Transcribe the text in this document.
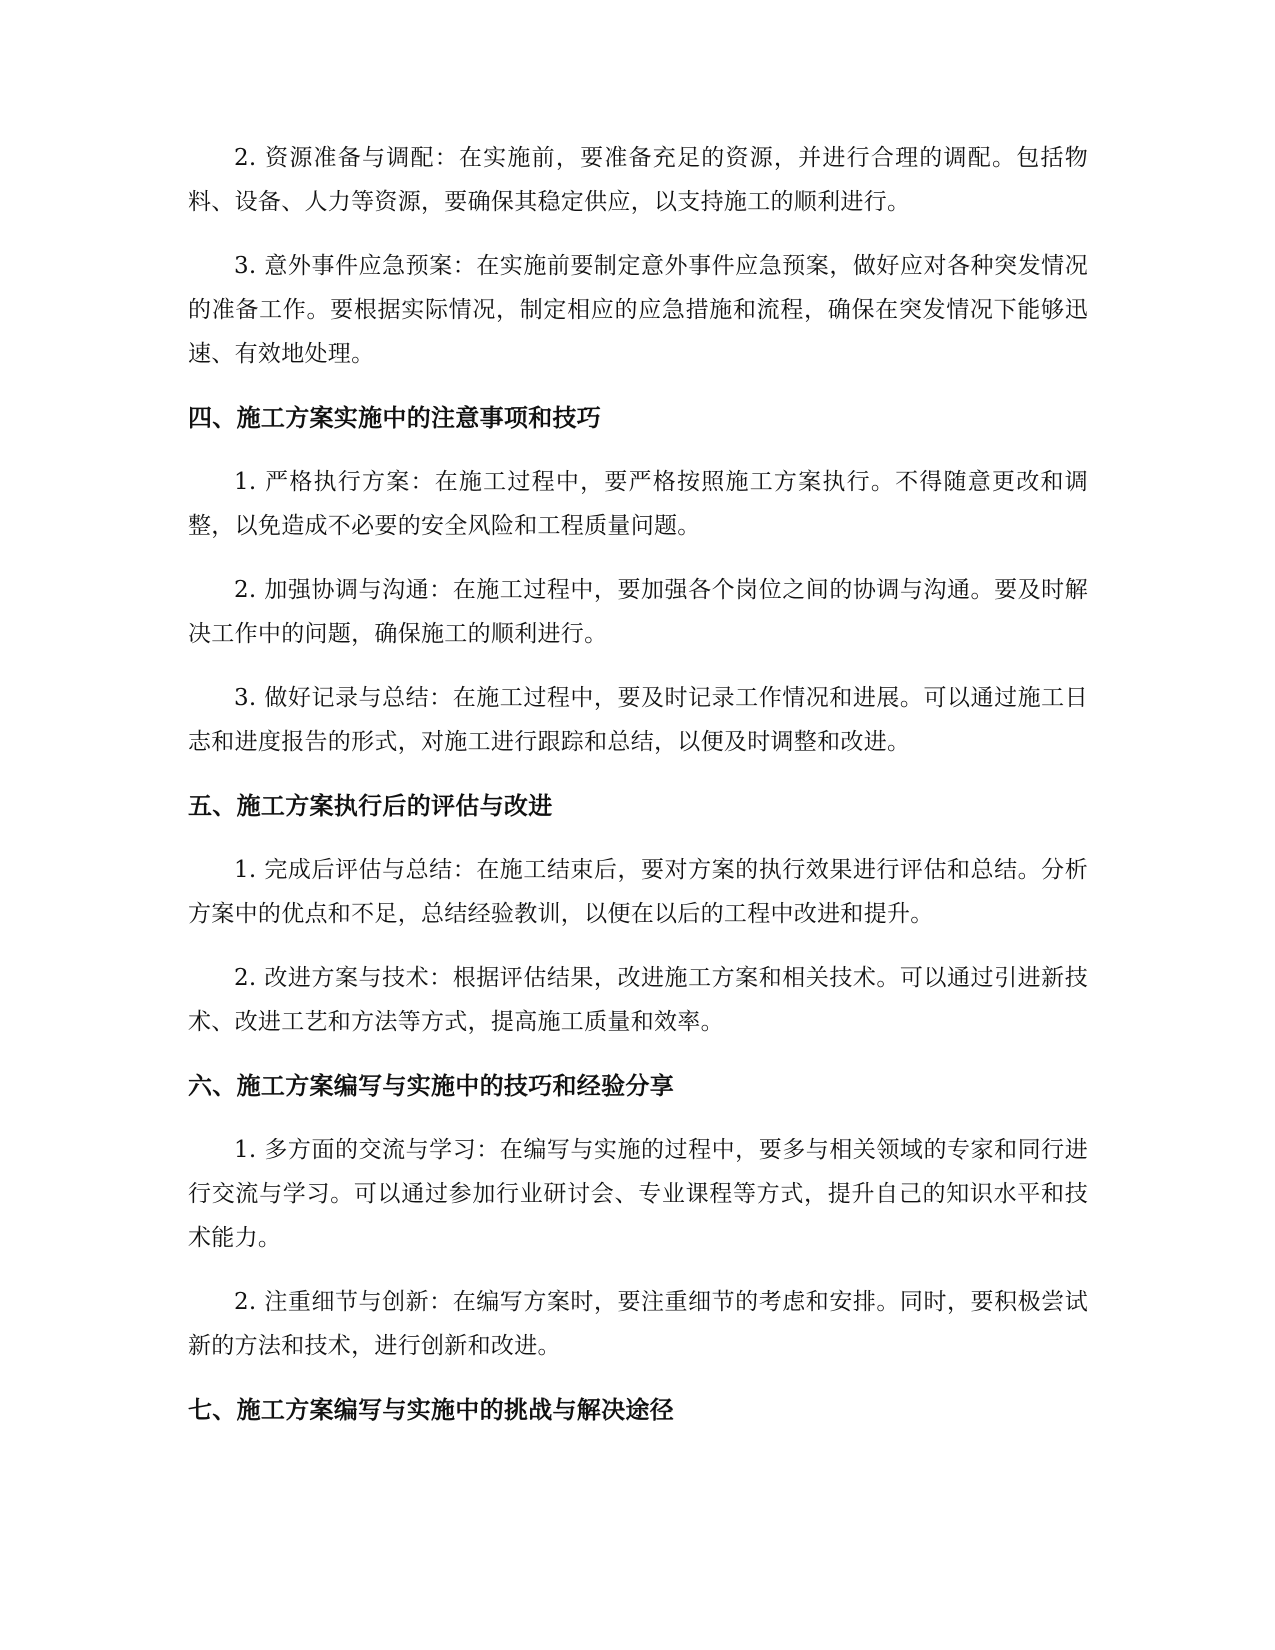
2. 资源准备与调配：在实施前，要准备充足的资源，并进行合理的调配。包括物料、设备、人力等资源，要确保其稳定供应，以支持施工的顺利进行。

3. 意外事件应急预案：在实施前要制定意外事件应急预案，做好应对各种突发情况的准备工作。要根据实际情况，制定相应的应急措施和流程，确保在突发情况下能够迅速、有效地处理。

四、施工方案实施中的注意事项和技巧

1. 严格执行方案：在施工过程中，要严格按照施工方案执行。不得随意更改和调整，以免造成不必要的安全风险和工程质量问题。

2. 加强协调与沟通：在施工过程中，要加强各个岗位之间的协调与沟通。要及时解决工作中的问题，确保施工的顺利进行。

3. 做好记录与总结：在施工过程中，要及时记录工作情况和进展。可以通过施工日志和进度报告的形式，对施工进行跟踪和总结，以便及时调整和改进。

五、施工方案执行后的评估与改进

1. 完成后评估与总结：在施工结束后，要对方案的执行效果进行评估和总结。分析方案中的优点和不足，总结经验教训，以便在以后的工程中改进和提升。

2. 改进方案与技术：根据评估结果，改进施工方案和相关技术。可以通过引进新技术、改进工艺和方法等方式，提高施工质量和效率。

六、施工方案编写与实施中的技巧和经验分享

1. 多方面的交流与学习：在编写与实施的过程中，要多与相关领域的专家和同行进行交流与学习。可以通过参加行业研讨会、专业课程等方式，提升自己的知识水平和技术能力。

2. 注重细节与创新：在编写方案时，要注重细节的考虑和安排。同时，要积极尝试新的方法和技术，进行创新和改进。

七、施工方案编写与实施中的挑战与解决途径
